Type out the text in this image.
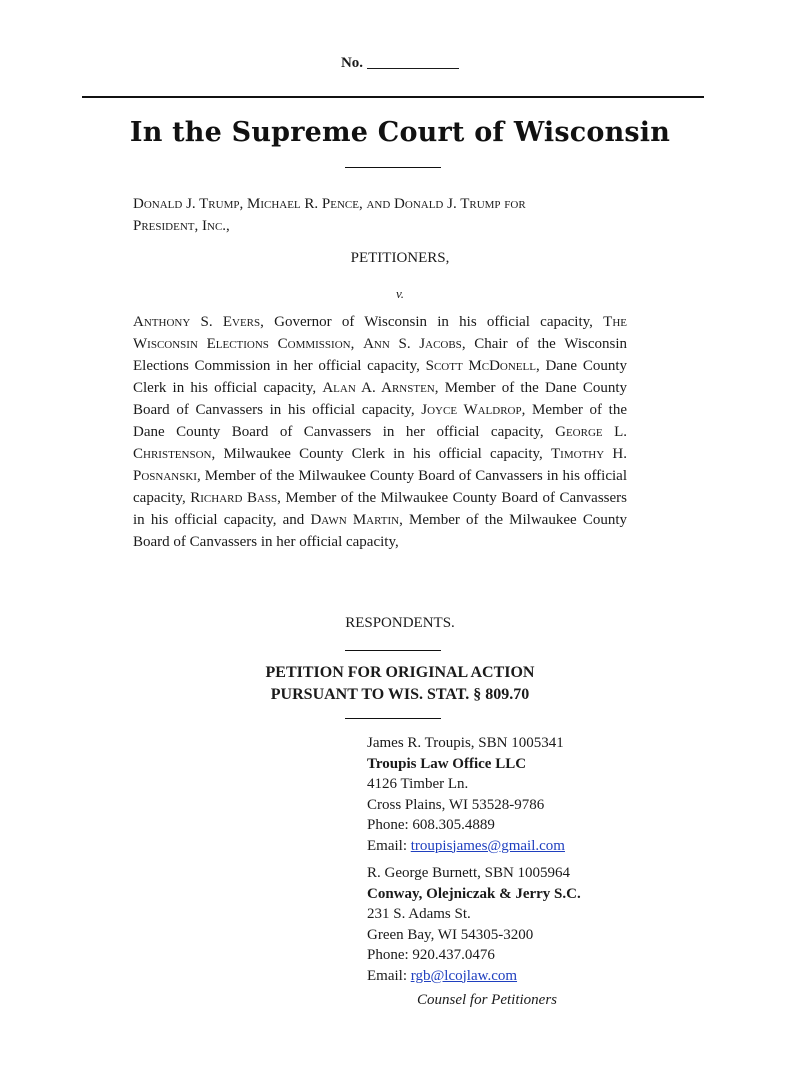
No.
In the Supreme Court of Wisconsin
Donald J. Trump, Michael R. Pence, and Donald J. Trump for
President, Inc.,
PETITIONERS,
v.
Anthony S. Evers, Governor of Wisconsin in his official capacity, The Wisconsin Elections Commission, Ann S. Jacobs, Chair of the Wisconsin Elections Commission in her official capacity, Scott McDonell, Dane County Clerk in his official capacity, Alan A. Arnsten, Member of the Dane County Board of Canvassers in his official capacity, Joyce Waldrop, Member of the Dane County Board of Canvassers in her official capacity, George L. Christenson, Milwaukee County Clerk in his official capacity, Timothy H. Posnanski, Member of the Milwaukee County Board of Canvassers in his official capacity, Richard Bass, Member of the Milwaukee County Board of Canvassers in his official capacity, and Dawn Martin, Member of the Milwaukee County Board of Canvassers in her official capacity,
RESPONDENTS.
PETITION FOR ORIGINAL ACTION
PURSUANT TO WIS. STAT. § 809.70
James R. Troupis, SBN 1005341
Troupis Law Office LLC
4126 Timber Ln.
Cross Plains, WI 53528-9786
Phone: 608.305.4889
Email: troupisjames@gmail.com
R. George Burnett, SBN 1005964
Conway, Olejniczak & Jerry S.C.
231 S. Adams St.
Green Bay, WI 54305-3200
Phone: 920.437.0476
Email: rgb@lcojlaw.com
Counsel for Petitioners
